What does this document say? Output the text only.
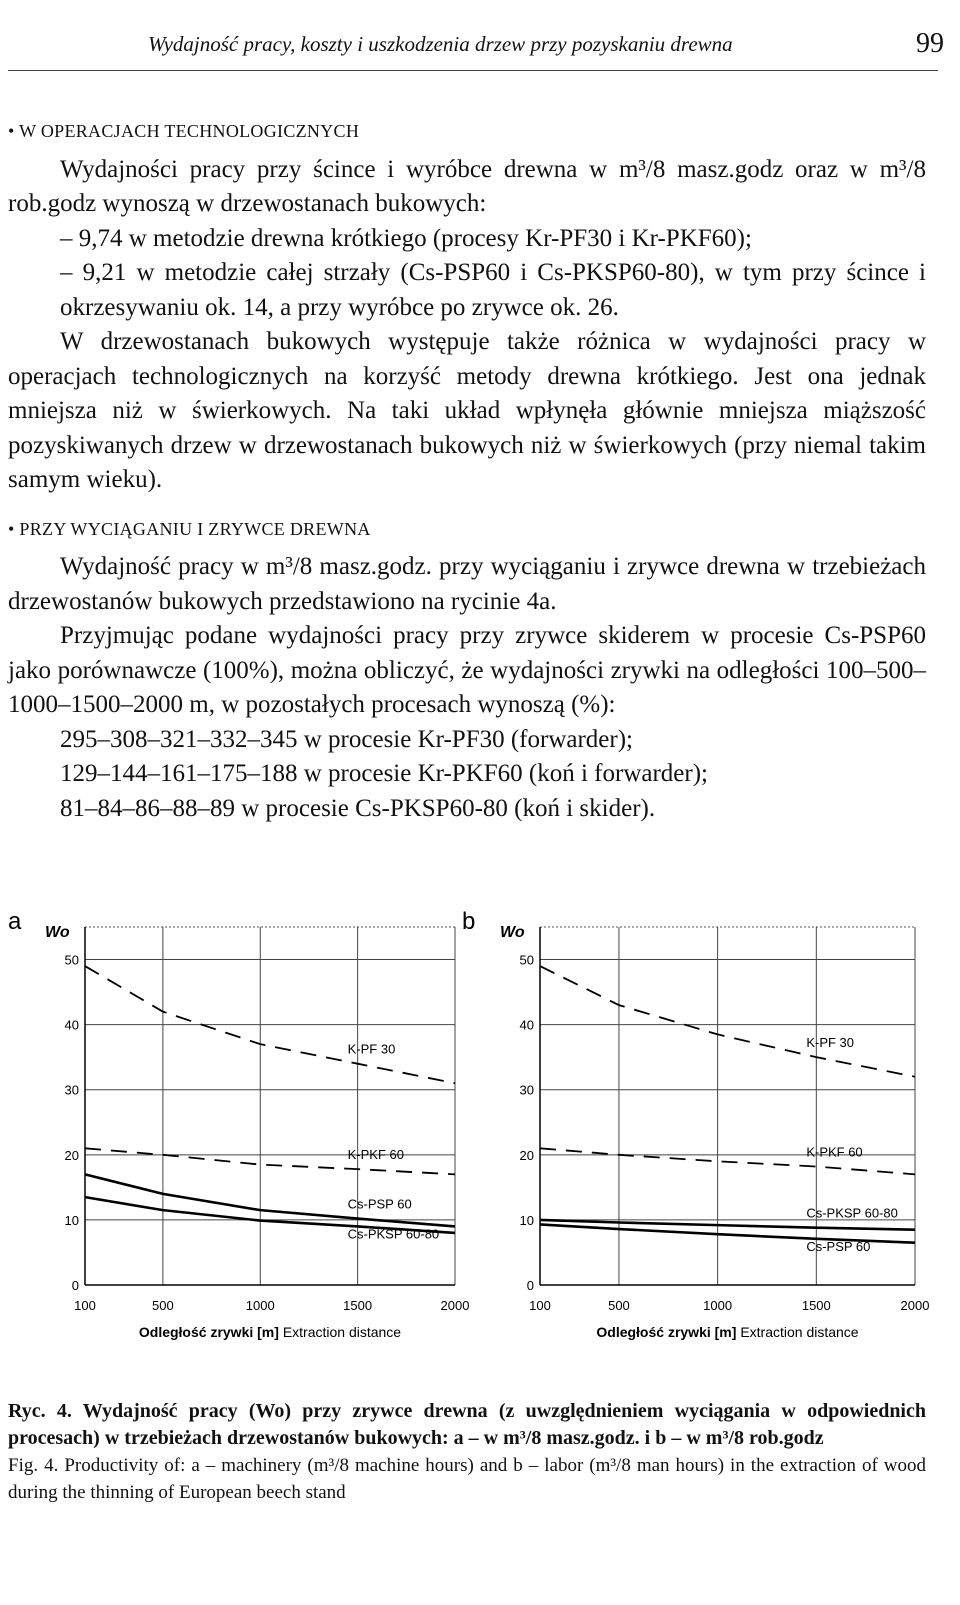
Wydajność pracy, koszty i uszkodzenia drzew przy pozyskaniu drewna	99

• W OPERACJACH TECHNOLOGICZNYCH

Wydajności pracy przy ścince i wyróbce drewna w m³/8 masz.godz oraz w m³/8 rob.godz wynoszą w drzewostanach bukowych:

– 9,74 w metodzie drewna krótkiego (procesy Kr-PF30 i Kr-PKF60);

– 9,21 w metodzie całej strzały (Cs-PSP60 i Cs-PKSP60-80), w tym przy ścince i okrzesywaniu ok. 14, a przy wyróbce po zrywce ok. 26.

W drzewostanach bukowych występuje także różnica w wydajności pracy w operacjach technologicznych na korzyść metody drewna krótkiego. Jest ona jednak mniejsza niż w świerkowych. Na taki układ wpłynęła głównie mniejsza miąższość pozyskiwanych drzew w drzewostanach bukowych niż w świerkowych (przy niemal takim samym wieku).

• PRZY WYCIĄGANIU I ZRYWCE DREWNA

Wydajność pracy w m³/8 masz.godz. przy wyciąganiu i zrywce drewna w trzebieżach drzewostanów bukowych przedstawiono na rycinie 4a.

Przyjmując podane wydajności pracy przy zrywce skiderem w procesie Cs-PSP60 jako porównawcze (100%), można obliczyć, że wydajności zrywki na odległości 100–500–1000–1500–2000 m, w pozostałych procesach wynoszą (%):

295–308–321–332–345 w procesie Kr-PF30 (forwarder);

129–144–161–175–188 w procesie Kr-PKF60 (koń i forwarder);

81–84–86–88–89 w procesie Cs-PKSP60-80 (koń i skider).

a Wo
100	500	1000	1500	2000
0
10
20
30
40
50
K-PF 30
K-PKF 60
Cs-PSP 60
Cs-PKSP 60-80
Odległość zrywki [m] Extraction distance
b Wo
100	500	1000	1500	2000
0
10
20
30
40
50
K-PF 30
K-PKF 60
Cs-PKSP 60-80
Cs-PSP 60
Odległość zrywki [m] Extraction distance

Ryc. 4. Wydajność pracy (Wo) przy zrywce drewna (z uwzględnieniem wyciągania w odpowiednich procesach) w trzebieżach drzewostanów bukowych: a – w m³/8 masz.godz. i b – w m³/8 rob.godz

Fig. 4. Productivity of: a – machinery (m³/8 machine hours) and b – labor (m³/8 man hours) in the extraction of wood during the thinning of European beech stand
